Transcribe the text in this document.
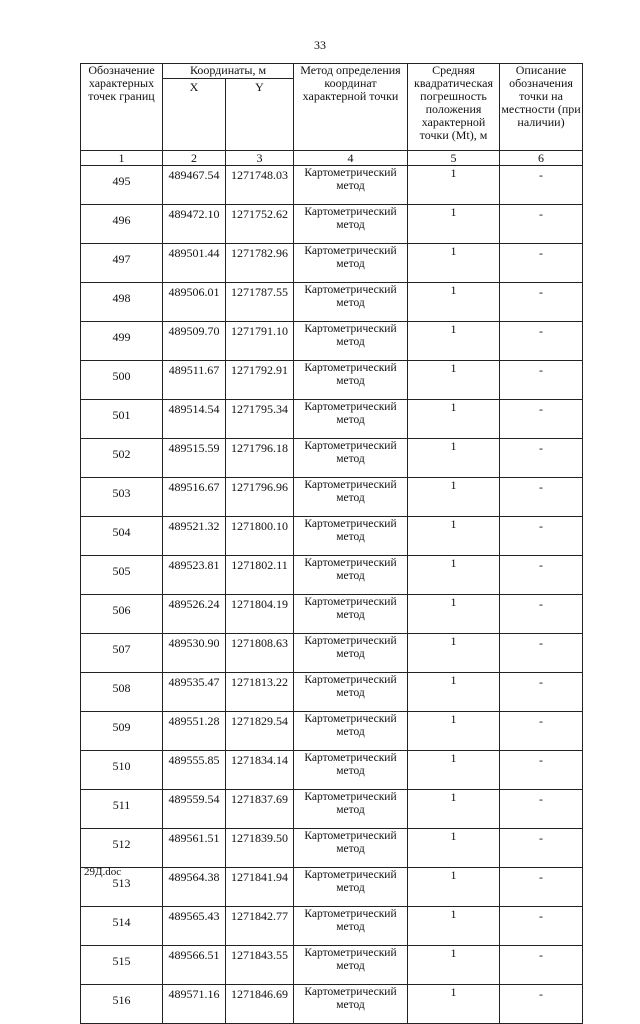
33
Обозначение характерных точек границ	Координаты, м		Метод определения координат характерной точки	Средняя квадратическая погрешность положения характерной точки (Mt), м	Описание обозначения точки на местности (при наличии)
	X	Y			
1	2	3	4	5	6
495	489467.54	1271748.03	Картометрический метод	1	-
496	489472.10	1271752.62	Картометрический метод	1	-
497	489501.44	1271782.96	Картометрический метод	1	-
498	489506.01	1271787.55	Картометрический метод	1	-
499	489509.70	1271791.10	Картометрический метод	1	-
500	489511.67	1271792.91	Картометрический метод	1	-
501	489514.54	1271795.34	Картометрический метод	1	-
502	489515.59	1271796.18	Картометрический метод	1	-
503	489516.67	1271796.96	Картометрический метод	1	-
504	489521.32	1271800.10	Картометрический метод	1	-
505	489523.81	1271802.11	Картометрический метод	1	-
506	489526.24	1271804.19	Картометрический метод	1	-
507	489530.90	1271808.63	Картометрический метод	1	-
508	489535.47	1271813.22	Картометрический метод	1	-
509	489551.28	1271829.54	Картометрический метод	1	-
510	489555.85	1271834.14	Картометрический метод	1	-
511	489559.54	1271837.69	Картометрический метод	1	-
512	489561.51	1271839.50	Картометрический метод	1	-
513	489564.38	1271841.94	Картометрический метод	1	-
514	489565.43	1271842.77	Картометрический метод	1	-
515	489566.51	1271843.55	Картометрический метод	1	-
516	489571.16	1271846.69	Картометрический метод	1	-
29Д.doc
